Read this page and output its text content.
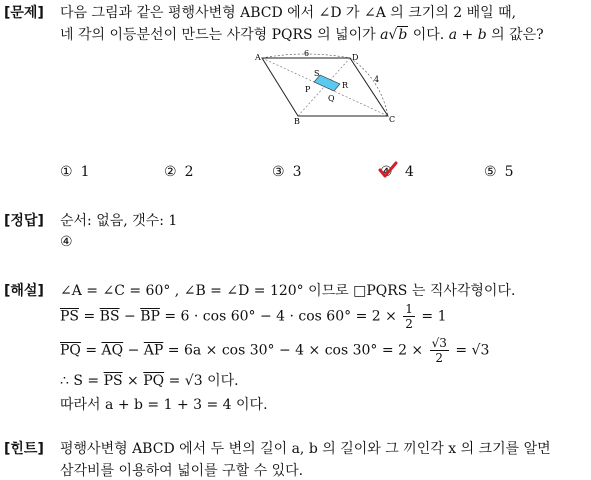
[문제] 다음 그림과 같은 평행사변형 ABCD 에서 ∠D 가 ∠A 의 크기의 2 배일 때,
네 각의 이등분선이 만드는 사각형 PQRS 의 넓이가 a√b 이다. a + b 의 값은?
A	D
B	C
6
4
P
Q
R
S
① 1	② 2	③ 3	④ 4	⑤ 5
[정답] 순서: 없음, 갯수: 1
④
[해설] ∠A = ∠C = 60° , ∠B = ∠D = 120° 이므로 □PQRS 는 직사각형이다.
$\overline{PS} = \overline{BS} - \overline{BP} = 6 \cdot \cos 60^\circ - 4 \cdot \cos 60^\circ = 2 \times \frac{1}{2} = 1$
$\overline{PQ} = \overline{AQ} - \overline{AP} = 6a \times \cos 30^\circ - 4 \times \cos 30^\circ = 2 \times \frac{√3}{2} = √3$
∴ $S = \overline{PS} \times \overline{PQ} = √3$ 이다.
따라서 a + b = 1 + 3 = 4 이다.
[힌트] 평행사변형 ABCD 에서 두 변의 길이 a, b 의 길이와 그 끼인각 x 의 크기를 알면
삼각비를 이용하여 넓이를 구할 수 있다.
